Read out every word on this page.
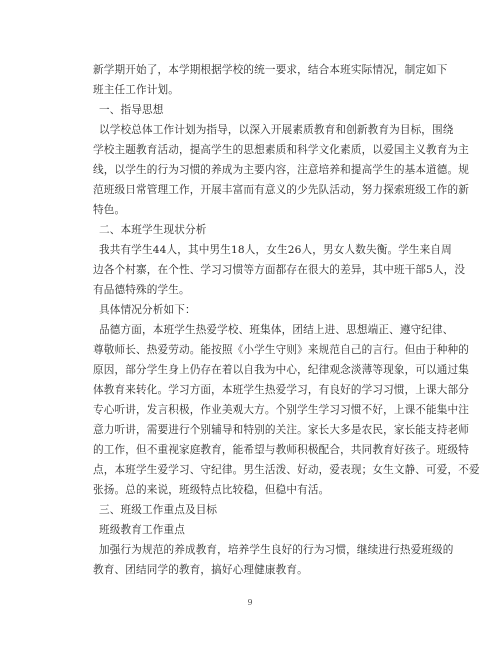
新学期开始了，本学期根据学校的统一要求，结合本班实际情况，制定如下

班主任工作计划。

一、指导思想

以学校总体工作计划为指导，以深入开展素质教育和创新教育为目标，围绕

学校主题教育活动，提高学生的思想素质和科学文化素质，以爱国主义教育为主

线，以学生的行为习惯的养成为主要内容，注意培养和提高学生的基本道德。规

范班级日常管理工作，开展丰富而有意义的少先队活动，努力探索班级工作的新

特色。

二、本班学生现状分析

我共有学生44人，其中男生18人，女生26人，男女人数失衡。学生来自周

边各个村寨，在个性、学习习惯等方面都存在很大的差异，其中班干部5人，没

有品德特殊的学生。

具体情况分析如下：

品德方面，本班学生热爱学校、班集体，团结上进、思想端正、遵守纪律、

尊敬师长、热爱劳动。能按照《小学生守则》来规范自己的言行。但由于种种的

原因，部分学生身上仍存在着以自我为中心，纪律观念淡薄等现象，可以通过集

体教育来转化。学习方面，本班学生热爱学习，有良好的学习习惯，上课大部分

专心听讲，发言积极，作业美观大方。个别学生学习习惯不好，上课不能集中注

意力听讲，需要进行个别辅导和特别的关注。家长大多是农民，家长能支持老师

的工作，但不重视家庭教育，能希望与教师积极配合，共同教育好孩子。班级特

点，本班学生爱学习、守纪律。男生活泼、好动，爱表现；女生文静、可爱，不爱

张扬。总的来说，班级特点比较稳，但稳中有活。

三、班级工作重点及目标

班级教育工作重点

加强行为规范的养成教育，培养学生良好的行为习惯，继续进行热爱班级的

教育、团结同学的教育，搞好心理健康教育。

9
